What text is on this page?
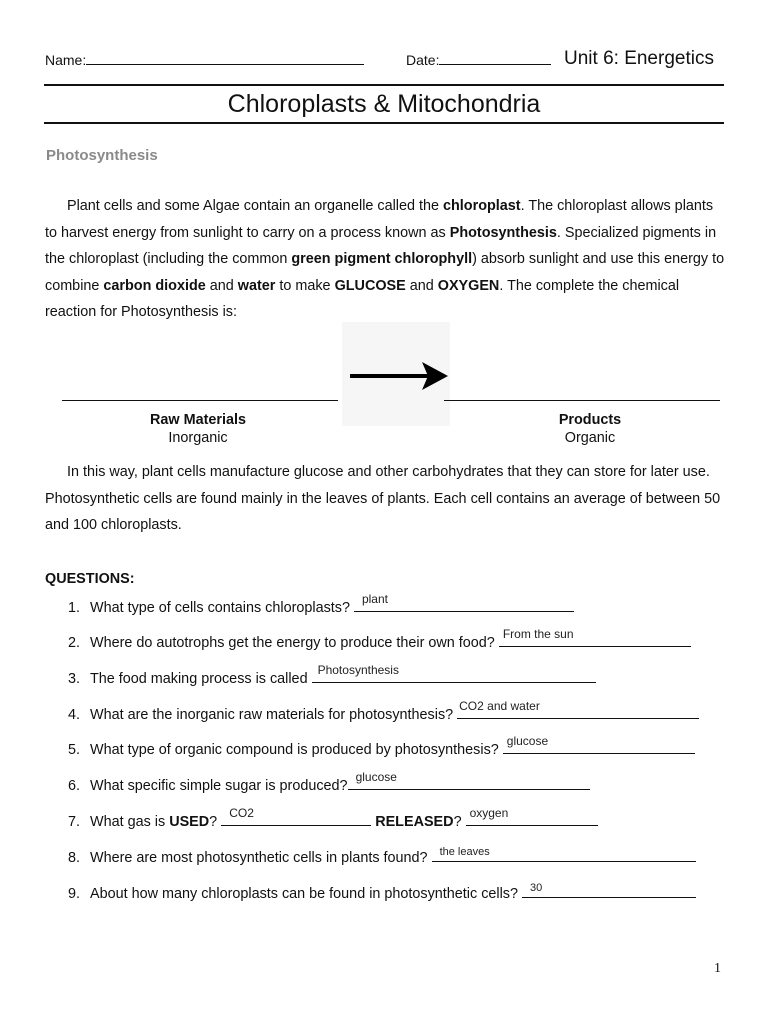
Name:	Date:	Unit 6: Energetics
Chloroplasts & Mitochondria
Photosynthesis

Plant cells and some Algae contain an organelle called the chloroplast. The chloroplast allows plants to harvest energy from sunlight to carry on a process known as Photosynthesis. Specialized pigments in the chloroplast (including the common green pigment chlorophyll) absorb sunlight and use this energy to combine carbon dioxide and water to make GLUCOSE and OXYGEN. The complete the chemical reaction for Photosynthesis is:

Raw Materials
Inorganic
Products
Organic

In this way, plant cells manufacture glucose and other carbohydrates that they can store for later use. Photosynthetic cells are found mainly in the leaves of plants. Each cell contains an average of between 50 and 100 chloroplasts.

QUESTIONS:
1. What type of cells contains chloroplasts?
plant
2. Where do autotrophs get the energy to produce their own food?
From the sun
3. The food making process is called
Photosynthesis
4. What are the inorganic raw materials for photosynthesis?
CO2 and water
5. What type of organic compound is produced by photosynthesis?
glucose
6. What specific simple sugar is produced?
glucose
7. What gas is USED?
CO2
RELEASED?
oxygen
8. Where are most photosynthetic cells in plants found? the leaves
9. About how many chloroplasts can be found in photosynthetic cells? 30
1
